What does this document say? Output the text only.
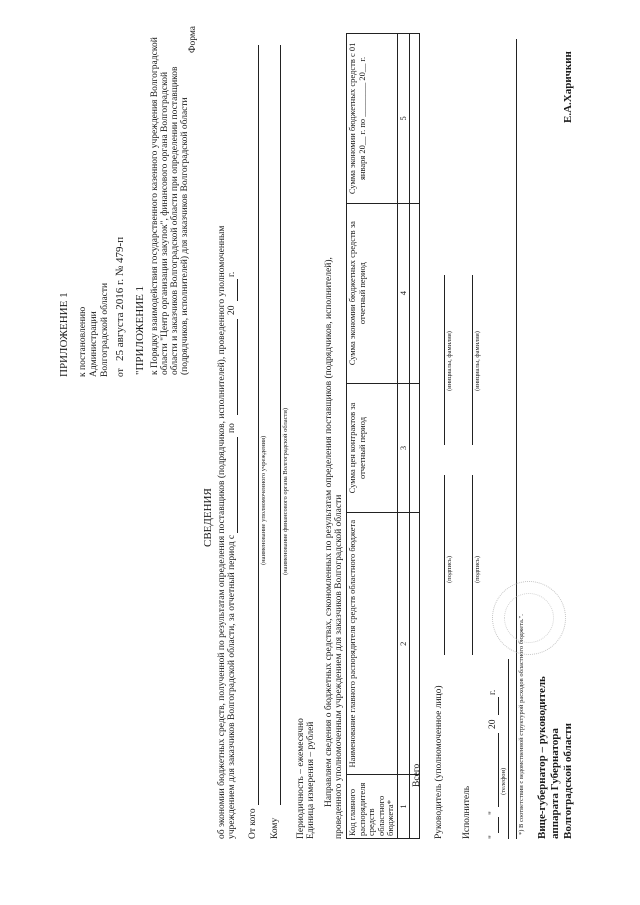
ПРИЛОЖЕНИЕ 1 к постановлению Администрации Волгоградской области от
25 августа 2016 г. № 479-п "ПРИЛОЖЕНИЕ 1 к Порядку взаимодействия государственного казенного учреждения Волгоградской области "Центр организации закупок", финансового органа Волгоградской области и заказчиков Волгоградской области при определении поставщиков (подрядчиков, исполнителей) для заказчиков Волгоградской области
Форма
СВЕДЕНИЯ об экономии бюджетных средств, полученной по результатам определения поставщиков (подрядчиков, исполнителей), проведенного уполномоченным учреждением для заказчиков Волгоградской области, за отчетный период с
по
20
г.
От кого
(наименование уполномоченного учреждения)
Кому
(наименование финансового органа Волгоградской области)
Периодичность – ежемесячно Единица измерения – рублей Направляем сведения о бюджетных средствах, сэкономленных по результатам определения поставщиков (подрядчиков, исполнителей), проведенного уполномоченным учреждением для заказчиков Волгоградской области Код главного распорядителя средств областного бюджета*	Наименование главного распорядителя средств областного бюджета	Сумма цен контрактов за отчетный период	Сумма экономии бюджетных средств за отчетный период	Сумма экономии бюджетных средств с 01 января 20__ г. по ________ 20__ г.
1	2	3	4	5

Всего Руководитель (уполномоченное лицо)
(подпись)
(инициалы, фамилия)
Исполнитель
(подпись)
(инициалы, фамилия)
"
"
20
г.
(телефон) *) В соответствии с ведомственной структурой расходов областного бюджета.". Вице-губернатор – руководитель аппарата Губернатора Волгоградской области
Е.А.Харичкин
